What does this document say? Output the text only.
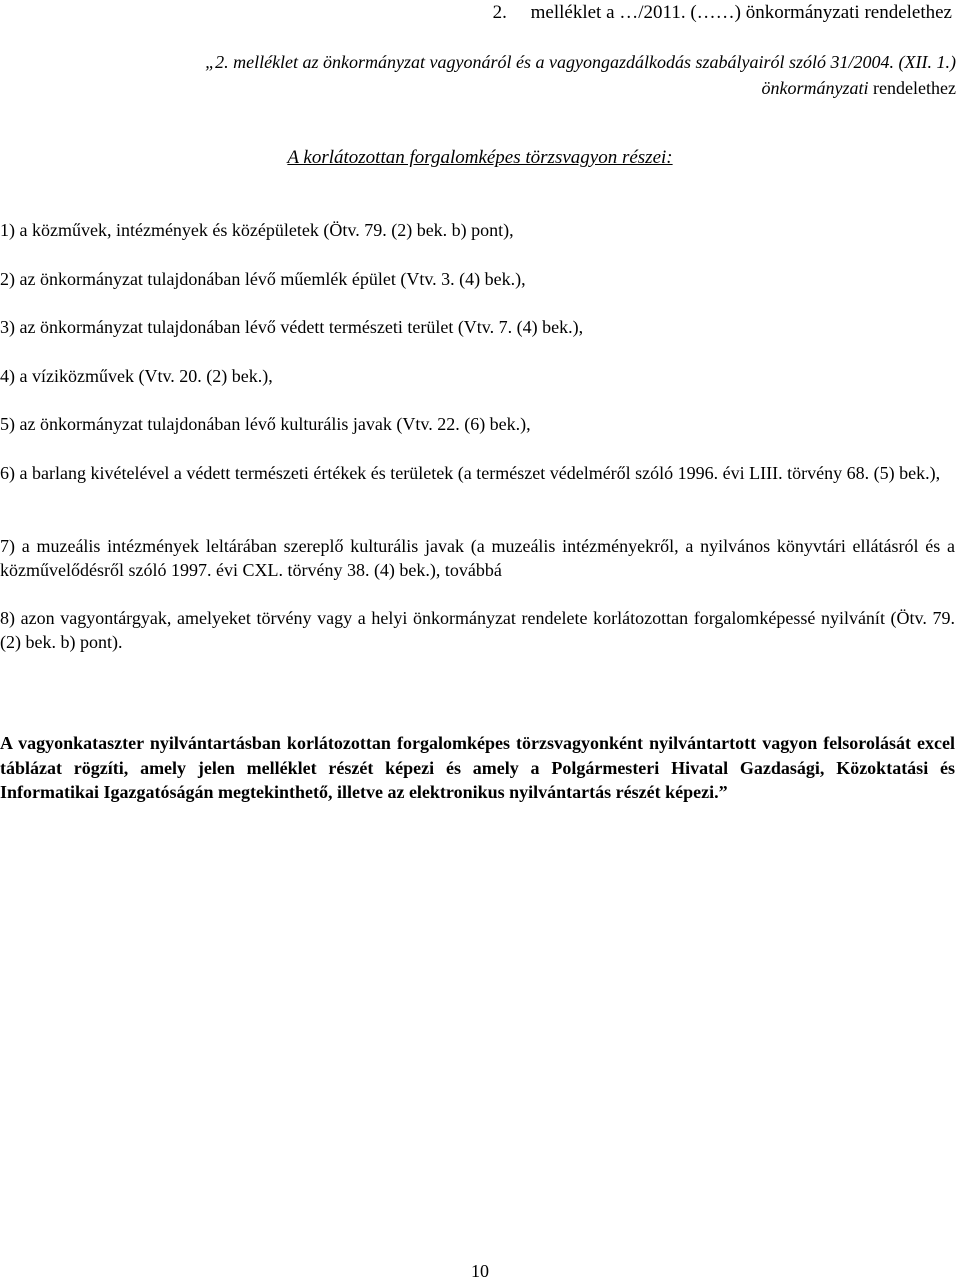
2. melléklet a …/2011. (……) önkormányzati rendelethez
„2. melléklet az önkormányzat vagyonáról és a vagyongazdálkodás szabályairól szóló 31/2004. (XII. 1.)
önkormányzati rendelethez
A korlátozottan forgalomképes törzsvagyon részei:
1) a közművek, intézmények és középületek (Ötv. 79. (2) bek. b) pont),
2) az önkormányzat tulajdonában lévő műemlék épület (Vtv. 3. (4) bek.),
3) az önkormányzat tulajdonában lévő védett természeti terület (Vtv. 7. (4) bek.),
4) a víziközművek (Vtv. 20. (2) bek.),
5) az önkormányzat tulajdonában lévő kulturális javak (Vtv. 22. (6) bek.),
6) a barlang kivételével a védett természeti értékek és területek (a természet védelméről szóló 1996. évi LIII. törvény 68. (5) bek.),
7) a muzeális intézmények leltárában szereplő kulturális javak (a muzeális intézményekről, a nyilvános könyvtári ellátásról és a közművelődésről szóló 1997. évi CXL. törvény 38. (4) bek.), továbbá
8) azon vagyontárgyak, amelyeket törvény vagy a helyi önkormányzat rendelete korlátozottan forgalomképessé nyilvánít (Ötv. 79. (2) bek. b) pont).
A vagyonkataszter nyilvántartásban korlátozottan forgalomképes törzsvagyonként nyilvántartott vagyon felsorolását excel táblázat rögzíti, amely jelen melléklet részét képezi és amely a Polgármesteri Hivatal Gazdasági, Közoktatási és Informatikai Igazgatóságán megtekinthető, illetve az elektronikus nyilvántartás részét képezi.”
10
